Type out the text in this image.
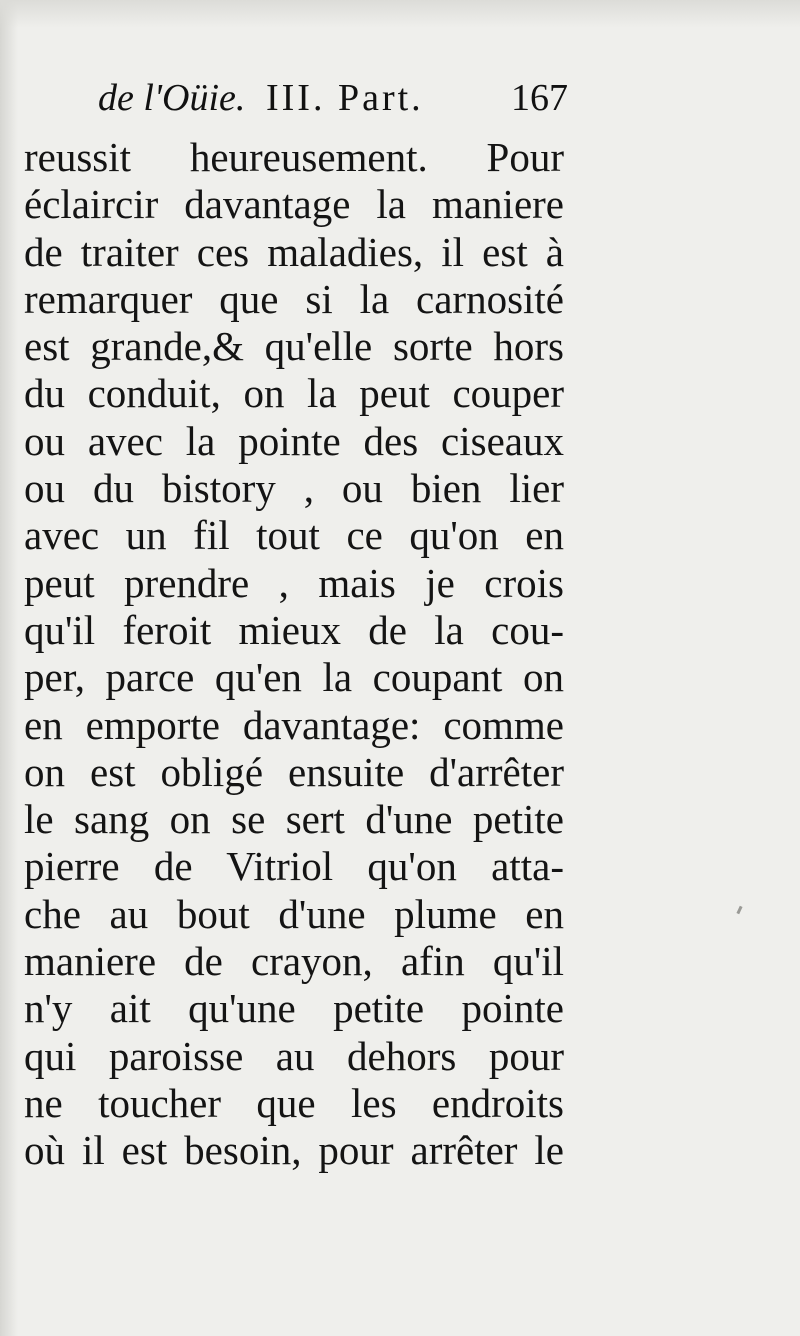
de l'Oüie. III. Part. 167
reussit heureusement. Pour
éclaircir davantage la maniere
de traiter ces maladies, il est à
remarquer que si la carnosité
est grande,& qu'elle sorte hors
du conduit, on la peut couper
ou avec la pointe des ciseaux
ou du bistory , ou bien lier
avec un fil tout ce qu'on en
peut prendre , mais je crois
qu'il feroit mieux de la cou-
per, parce qu'en la coupant on
en emporte davantage: comme
on est obligé ensuite d'arrêter
le sang on se sert d'une petite
pierre de Vitriol qu'on atta-
che au bout d'une plume en
maniere de crayon, afin qu'il
n'y ait qu'une petite pointe
qui paroisse au dehors pour
ne toucher que les endroits
où il est besoin, pour arrêter le
